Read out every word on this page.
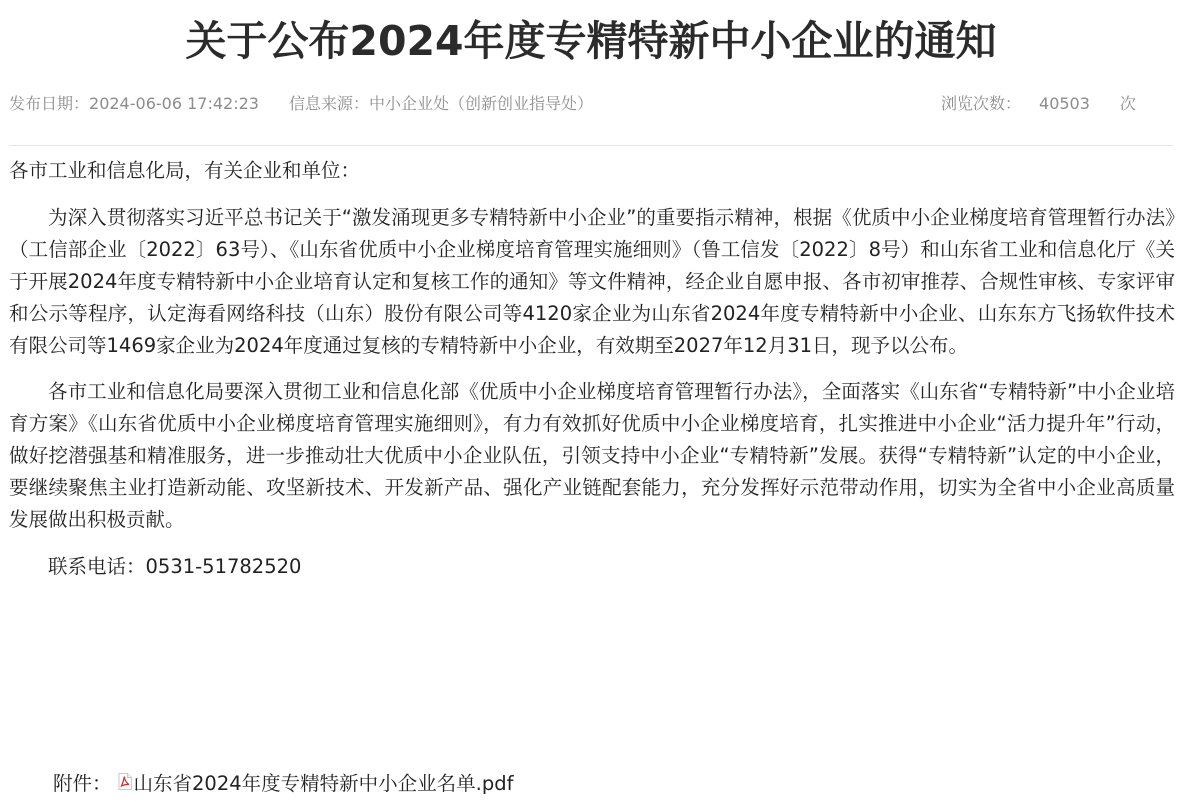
关于公布2024年度专精特新中小企业的通知
发布日期：2024-06-06 17:42:23 信息来源：中小企业处（创新创业指导处）	浏览次数： 40503 次

各市工业和信息化局，有关企业和单位：

为深入贯彻落实习近平总书记关于“激发涌现更多专精特新中小企业”的重要指示精神，根据《优质中小企业梯度培育管理暂行办法》（工信部企业〔2022〕63号）、《山东省优质中小企业梯度培育管理实施细则》（鲁工信发〔2022〕8号）和山东省工业和信息化厅《关于开展2024年度专精特新中小企业培育认定和复核工作的通知》等文件精神，经企业自愿申报、各市初审推荐、合规性审核、专家评审和公示等程序，认定海看网络科技（山东）股份有限公司等4120家企业为山东省2024年度专精特新中小企业、山东东方飞扬软件技术有限公司等1469家企业为2024年度通过复核的专精特新中小企业，有效期至2027年12月31日，现予以公布。

各市工业和信息化局要深入贯彻工业和信息化部《优质中小企业梯度培育管理暂行办法》，全面落实《山东省“专精特新”中小企业培育方案》《山东省优质中小企业梯度培育管理实施细则》，有力有效抓好优质中小企业梯度培育，扎实推进中小企业“活力提升年”行动，做好挖潜强基和精准服务，进一步推动壮大优质中小企业队伍，引领支持中小企业“专精特新”发展。获得“专精特新”认定的中小企业，要继续聚焦主业打造新动能、攻坚新技术、开发新产品、强化产业链配套能力，充分发挥好示范带动作用，切实为全省中小企业高质量发展做出积极贡献。

联系电话：0531-51782520

附件： 山东省2024年度专精特新中小企业名单.pdf
